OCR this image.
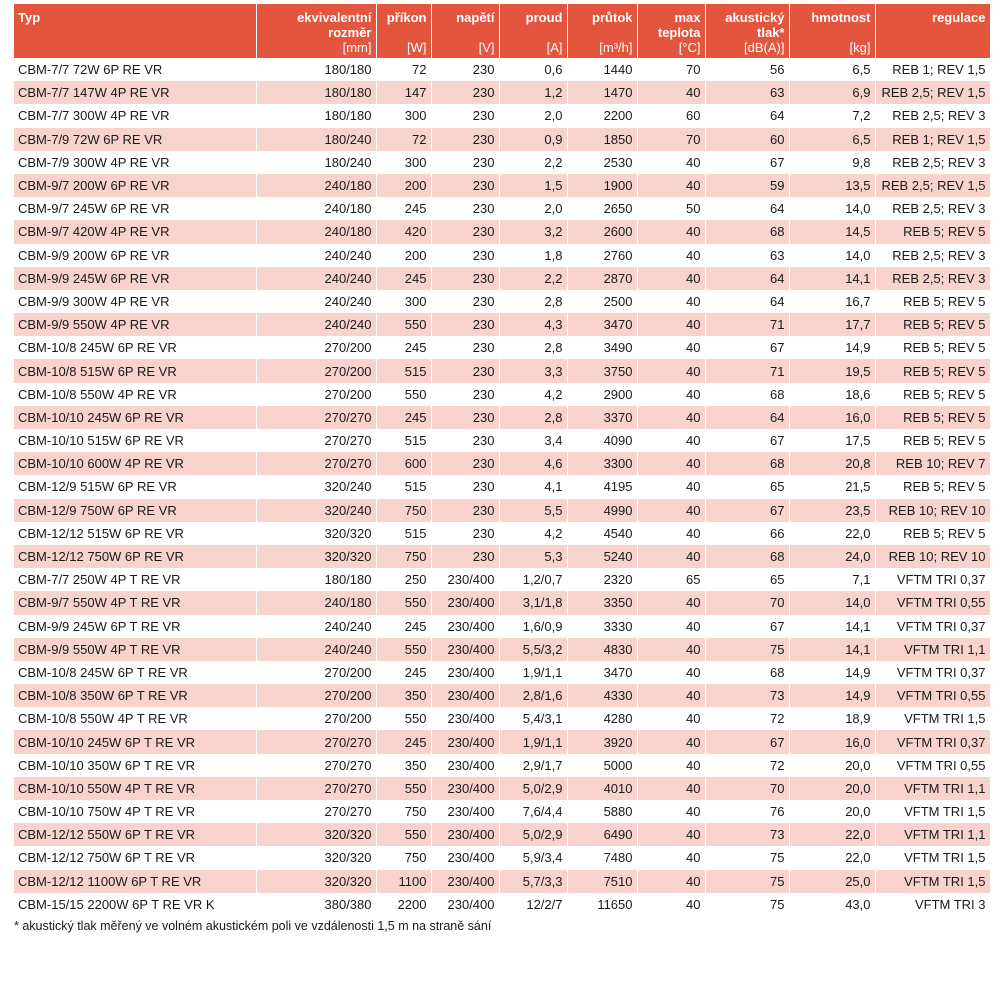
Typ	ekvivalentní rozměr	příkon	napětí	proud	průtok	max teplota	akustický tlak*	hmotnost	regulace
	[mm]	[W]	[V]	[A]	[m³/h]	[°C]	[dB(A)]	[kg]	
CBM-7/7 72W 6P RE VR	180/180	72	230	0,6	1440	70	56	6,5	REB 1; REV 1,5
CBM-7/7 147W 4P RE VR	180/180	147	230	1,2	1470	40	63	6,9	REB 2,5; REV 1,5
CBM-7/7 300W 4P RE VR	180/180	300	230	2,0	2200	60	64	7,2	REB 2,5; REV 3
CBM-7/9 72W 6P RE VR	180/240	72	230	0,9	1850	70	60	6,5	REB 1; REV 1,5
CBM-7/9 300W 4P RE VR	180/240	300	230	2,2	2530	40	67	9,8	REB 2,5; REV 3
CBM-9/7 200W 6P RE VR	240/180	200	230	1,5	1900	40	59	13,5	REB 2,5; REV 1,5
CBM-9/7 245W 6P RE VR	240/180	245	230	2,0	2650	50	64	14,0	REB 2,5; REV 3
CBM-9/7 420W 4P RE VR	240/180	420	230	3,2	2600	40	68	14,5	REB 5; REV 5
CBM-9/9 200W 6P RE VR	240/240	200	230	1,8	2760	40	63	14,0	REB 2,5; REV 3
CBM-9/9 245W 6P RE VR	240/240	245	230	2,2	2870	40	64	14,1	REB 2,5; REV 3
CBM-9/9 300W 4P RE VR	240/240	300	230	2,8	2500	40	64	16,7	REB 5; REV 5
CBM-9/9 550W 4P RE VR	240/240	550	230	4,3	3470	40	71	17,7	REB 5; REV 5
CBM-10/8 245W 6P RE VR	270/200	245	230	2,8	3490	40	67	14,9	REB 5; REV 5
CBM-10/8 515W 6P RE VR	270/200	515	230	3,3	3750	40	71	19,5	REB 5; REV 5
CBM-10/8 550W 4P RE VR	270/200	550	230	4,2	2900	40	68	18,6	REB 5; REV 5
CBM-10/10 245W 6P RE VR	270/270	245	230	2,8	3370	40	64	16,0	REB 5; REV 5
CBM-10/10 515W 6P RE VR	270/270	515	230	3,4	4090	40	67	17,5	REB 5; REV 5
CBM-10/10 600W 4P RE VR	270/270	600	230	4,6	3300	40	68	20,8	REB 10; REV 7
CBM-12/9 515W 6P RE VR	320/240	515	230	4,1	4195	40	65	21,5	REB 5; REV 5
CBM-12/9 750W 6P RE VR	320/240	750	230	5,5	4990	40	67	23,5	REB 10; REV 10
CBM-12/12 515W 6P RE VR	320/320	515	230	4,2	4540	40	66	22,0	REB 5; REV 5
CBM-12/12 750W 6P RE VR	320/320	750	230	5,3	5240	40	68	24,0	REB 10; REV 10
CBM-7/7 250W 4P T RE VR	180/180	250	230/400	1,2/0,7	2320	65	65	7,1	VFTM TRI 0,37
CBM-9/7 550W 4P T RE VR	240/180	550	230/400	3,1/1,8	3350	40	70	14,0	VFTM TRI 0,55
CBM-9/9 245W 6P T RE VR	240/240	245	230/400	1,6/0,9	3330	40	67	14,1	VFTM TRI 0,37
CBM-9/9 550W 4P T RE VR	240/240	550	230/400	5,5/3,2	4830	40	75	14,1	VFTM TRI 1,1
CBM-10/8 245W 6P T RE VR	270/200	245	230/400	1,9/1,1	3470	40	68	14,9	VFTM TRI 0,37
CBM-10/8 350W 6P T RE VR	270/200	350	230/400	2,8/1,6	4330	40	73	14,9	VFTM TRI 0,55
CBM-10/8 550W 4P T RE VR	270/200	550	230/400	5,4/3,1	4280	40	72	18,9	VFTM TRI 1,5
CBM-10/10 245W 6P T RE VR	270/270	245	230/400	1,9/1,1	3920	40	67	16,0	VFTM TRI 0,37
CBM-10/10 350W 6P T RE VR	270/270	350	230/400	2,9/1,7	5000	40	72	20,0	VFTM TRI 0,55
CBM-10/10 550W 4P T RE VR	270/270	550	230/400	5,0/2,9	4010	40	70	20,0	VFTM TRI 1,1
CBM-10/10 750W 4P T RE VR	270/270	750	230/400	7,6/4,4	5880	40	76	20,0	VFTM TRI 1,5
CBM-12/12 550W 6P T RE VR	320/320	550	230/400	5,0/2,9	6490	40	73	22,0	VFTM TRI 1,1
CBM-12/12 750W 6P T RE VR	320/320	750	230/400	5,9/3,4	7480	40	75	22,0	VFTM TRI 1,5
CBM-12/12 1100W 6P T RE VR	320/320	1100	230/400	5,7/3,3	7510	40	75	25,0	VFTM TRI 1,5
CBM-15/15 2200W 6P T RE VR K	380/380	2200	230/400	12/2/7	11650	40	75	43,0	VFTM TRI 3
* akustický tlak měřený ve volném akustickém poli ve vzdálenosti 1,5 m na straně sání
